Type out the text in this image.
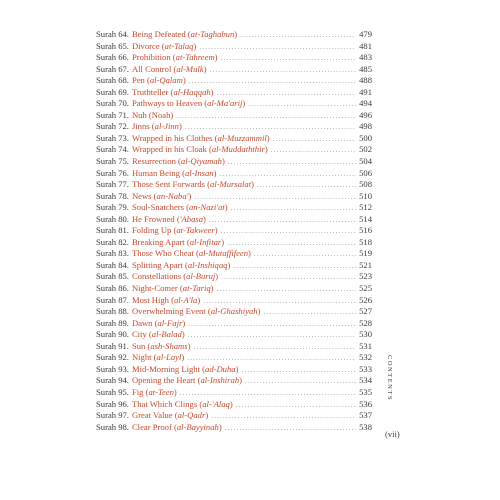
Surah 64. Being Defeated (at-Taghabun) .....	479
Surah 65. Divorce (at-Talaq) .....	481
Surah 66. Prohibition (at-Tahreem) .....	483
Surah 67. All Control (al-Mulk) .....	485
Surah 68. Pen (al-Qalam) .....	488
Surah 69. Truthteller (al-Haqqah) .....	491
Surah 70. Pathways to Heaven (al-Ma'arij) .....	494
Surah 71. Nuh (Noah) .....	496
Surah 72. Jinns (al-Jinn) .....	498
Surah 73. Wrapped in his Clothes (al-Muzzammil) .....	500
Surah 74. Wrapped in his Cloak (al-Muddaththir) .....	502
Surah 75. Resurrection (al-Qiyamah) .....	504
Surah 76. Human Being (al-Insan) .....	506
Surah 77. Those Sent Forwards (al-Mursalat) .....	508
Surah 78. News (an-Naba') .....	510
Surah 79. Soul-Snatchers (an-Nazi'at) .....	512
Surah 80. He Frowned ('Abasa) .....	514
Surah 81. Folding Up (at-Takweer) .....	516
Surah 82. Breaking Apart (al-Infitar) .....	518
Surah 83. Those Who Cheat (al-Mutaffifeen) .....	519
Surah 84. Splitting Apart (al-Inshiqaq) .....	521
Surah 85. Constellations (al-Buruj) .....	523
Surah 86. Night-Comer (at-Tariq) .....	525
Surah 87. Most High (al-A'la) .....	526
Surah 88. Overwhelming Event (al-Ghashiyah) .....	527
Surah 89. Dawn (al-Fajr) .....	528
Surah 90. City (al-Balad) .....	530
Surah 91. Sun (ash-Shams) .....	531
Surah 92. Night (al-Layl) .....	532
Surah 93. Mid-Morning Light (ad-Duha) .....	533
Surah 94. Opening the Heart (al-Inshirah) .....	534
Surah 95. Fig (at-Teen) .....	535
Surah 96. That Which Clings (al-'Alaq) .....	536
Surah 97. Great Value (al-Qadr) .....	537
Surah 98. Clear Proof (al-Bayyinah) .....	538
CONTENTS
(vii)
